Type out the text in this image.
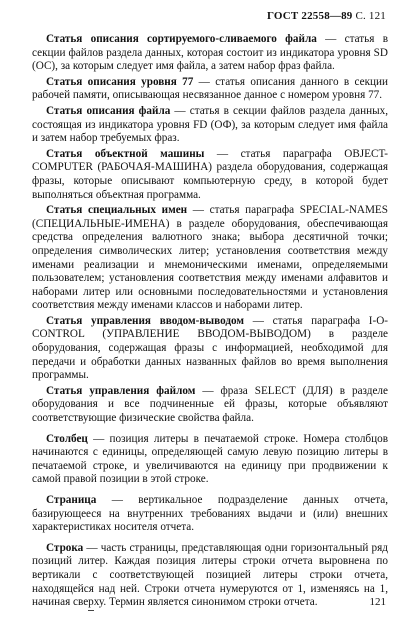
ГОСТ 22558—89 С. 121

Статья описания сортируемого-сливаемого файла — статья в секции файлов раздела данных, которая состоит из индикатора уровня SD (ОС), за которым следует имя файла, а затем набор фраз файла.

Статья описания уровня 77 — статья описания данного в секции рабочей памяти, описывающая несвязанное данное с номером уровня 77.

Статья описания файла — статья в секции файлов раздела данных, состоящая из индикатора уровня FD (ОФ), за которым следует имя файла и затем набор требуемых фраз.

Статья объектной машины — статья параграфа OBJECT-COMPUTER (РАБОЧАЯ-МАШИНА) раздела оборудования, содержащая фразы, которые описывают компьютерную среду, в которой будет выполняться объектная программа.

Статья специальных имен — статья параграфа SPECIAL-NAMES (СПЕЦИАЛЬНЫЕ-ИМЕНА) в разделе оборудования, обеспечивающая средства определения валютного знака; выбора десятичной точки; определения символических литер; установления соответствия между именами реализации и мнемоническими именами, определяемыми пользователем; установления соответствия между именами алфавитов и наборами литер или основными последовательностями и установления соответствия между именами классов и наборами литер.

Статья управления вводом-выводом — статья параграфа I-O-CONTROL (УПРАВЛЕНИЕ ВВОДОМ-ВЫВОДОМ) в разделе оборудования, содержащая фразы с информацией, необходимой для передачи и обработки данных названных файлов во время выполнения программы.

Статья управления файлом — фраза SELECT (ДЛЯ) в разделе оборудования и все подчиненные ей фразы, которые объявляют соответствующие физические свойства файла.

Столбец — позиция литеры в печатаемой строке. Номера столбцов начинаются с единицы, определяющей самую левую позицию литеры в печатаемой строке, и увеличиваются на единицу при продвижении к самой правой позиции в этой строке.

Страница — вертикальное подразделение данных отчета, базирующееся на внутренних требованиях выдачи и (или) внешних характеристиках носителя отчета.

Строка — часть страницы, представляющая одни горизонтальный ряд позиций литер. Каждая позиция литеры строки отчета выровнена по вертикали с соответствующей позицией литеры строки отчета, находящейся над ней. Строки отчета нумеруются от 1, изменяясь на 1, начиная сверху. Термин является синонимом строки отчета.	121
